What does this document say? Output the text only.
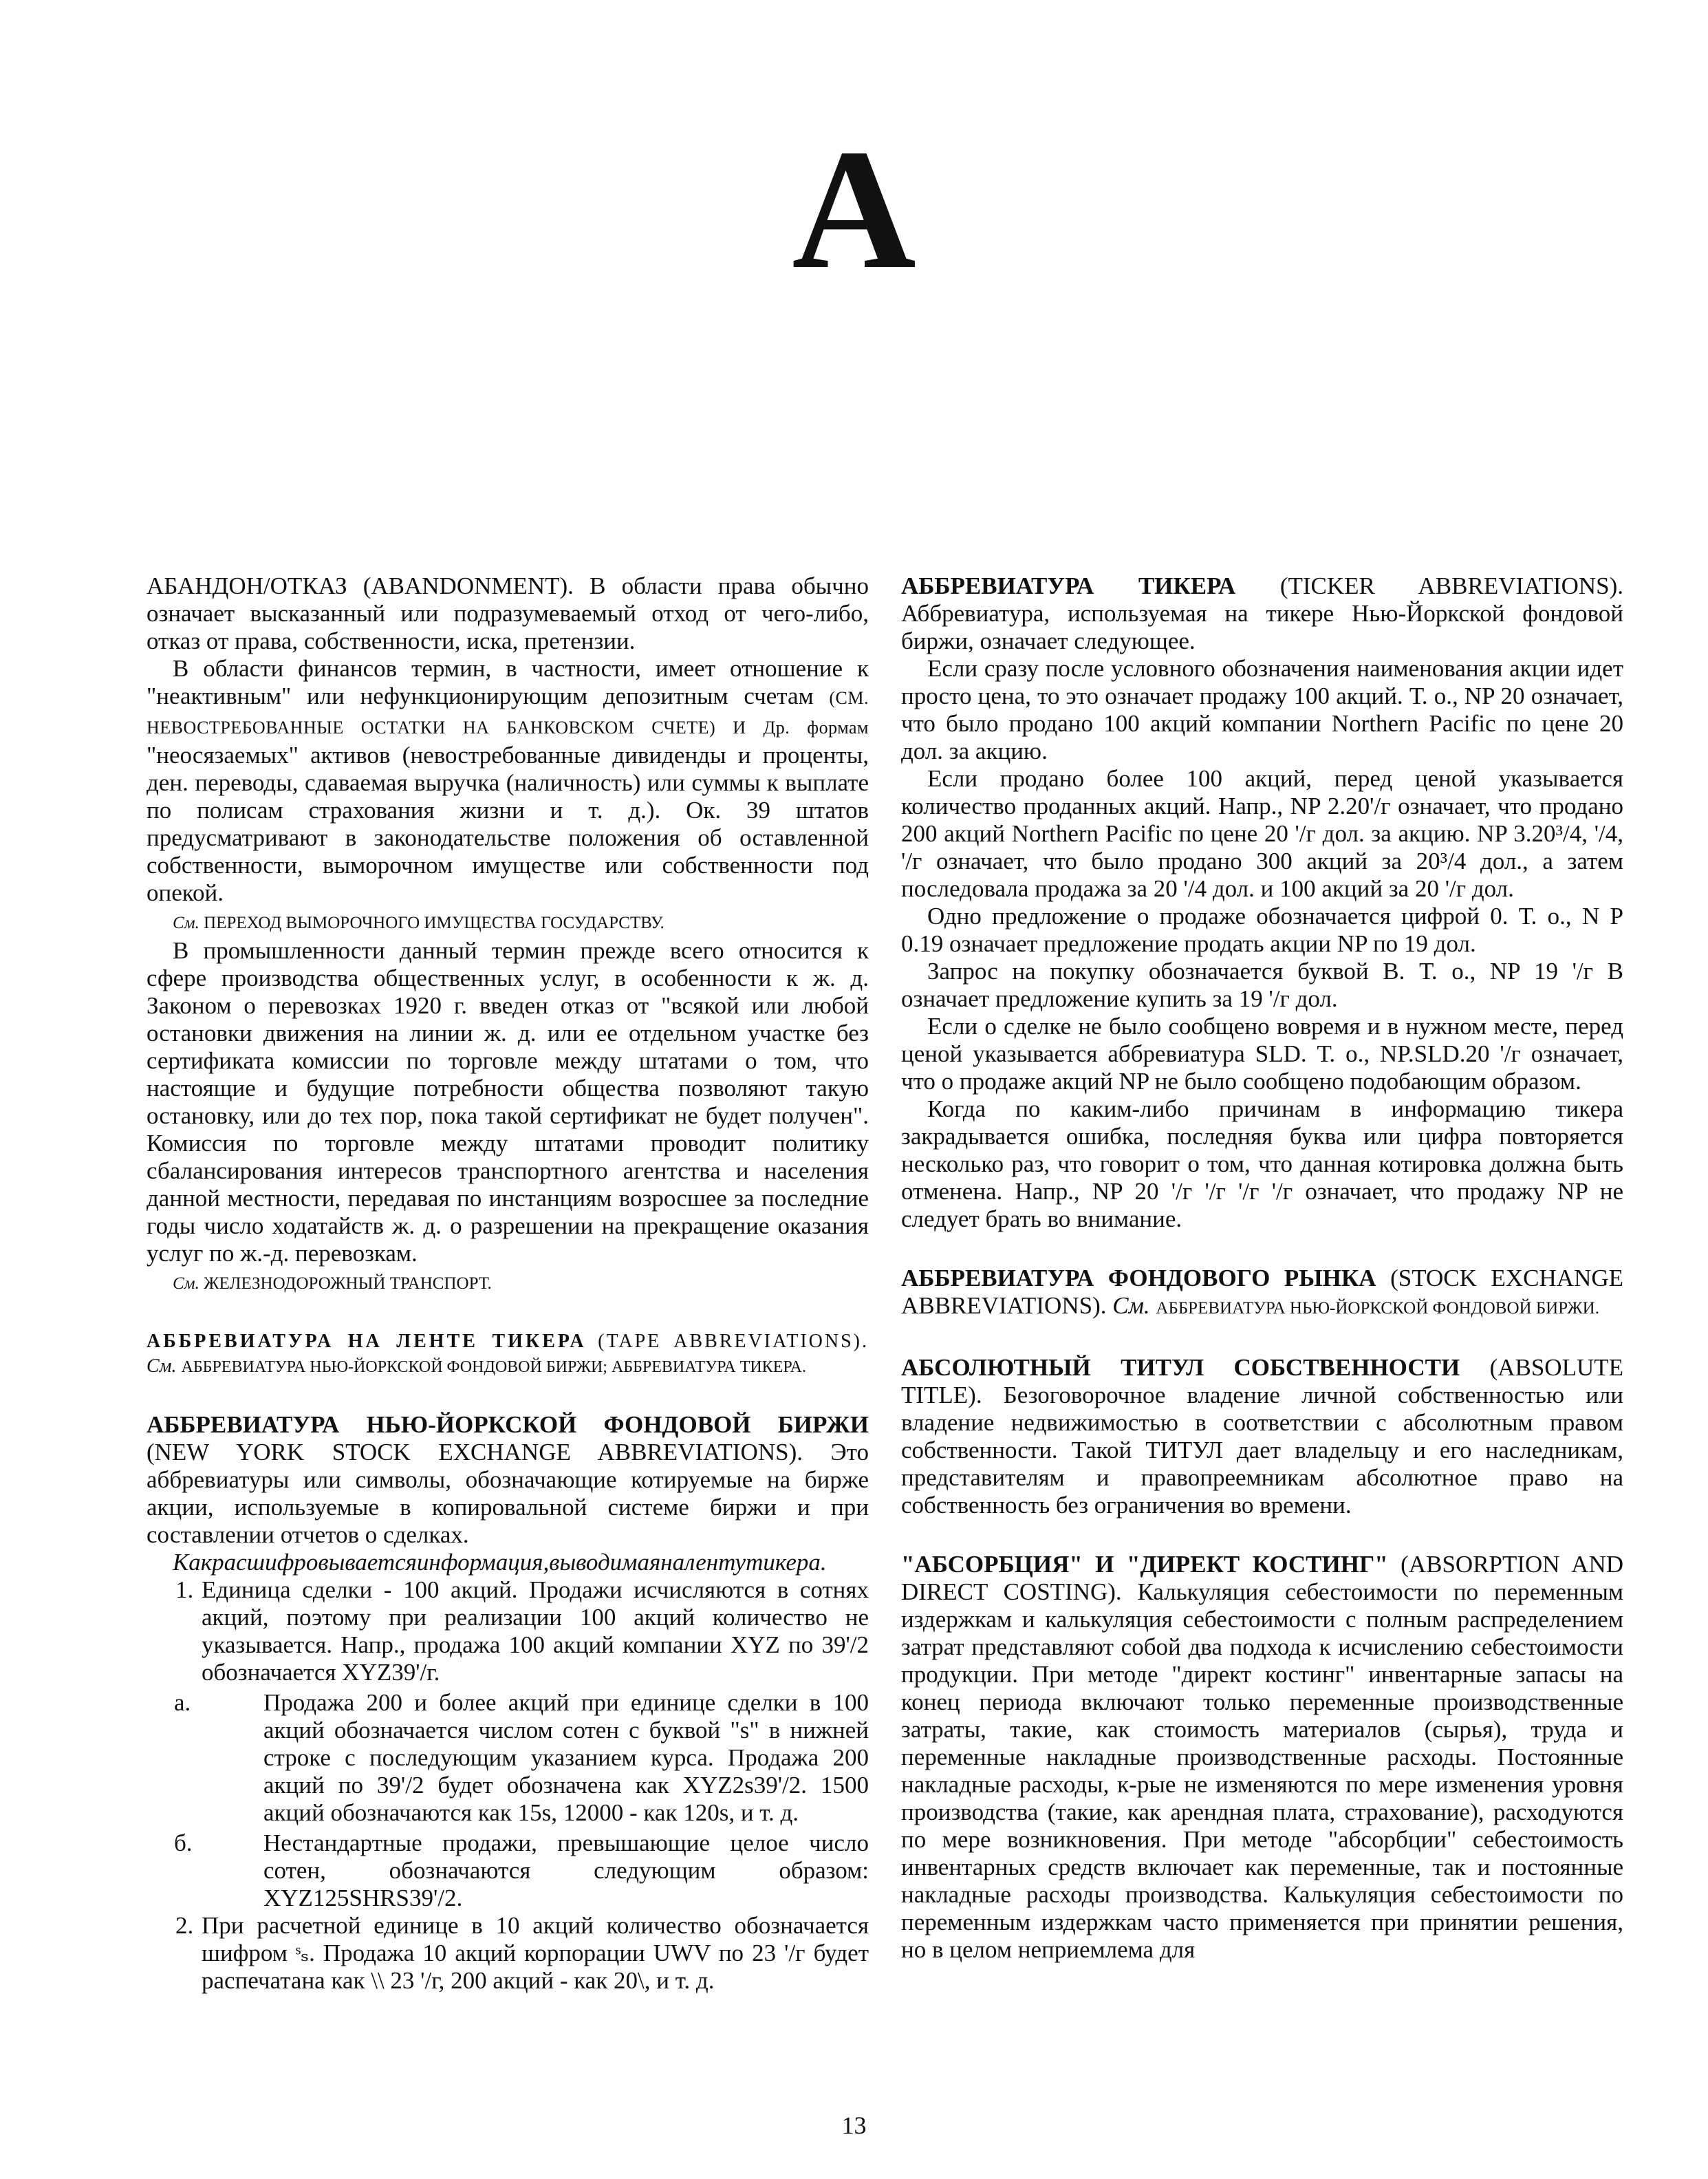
А

АБАНДОН/ОТКАЗ (ABANDONMENT). В области права обычно означает высказанный или подразумеваемый отход от чего-либо, отказ от права, собственности, иска, претензии.

В области финансов термин, в частности, имеет отношение к "неактивным" или нефункционирующим депозитным счетам (СМ. НЕВОСТРЕБОВАННЫЕ ОСТАТКИ НА БАНКОВСКОМ СЧЕТЕ) И Др. формам "неосязаемых" активов (невостребованные дивиденды и проценты, ден. переводы, сдаваемая выручка (наличность) или суммы к выплате по полисам страхования жизни и т. д.). Ок. 39 штатов предусматривают в законодательстве положения об оставленной собственности, выморочном имуществе или собственности под опекой.

См. ПЕРЕХОД ВЫМОРОЧНОГО ИМУЩЕСТВА ГОСУДАРСТВУ.

В промышленности данный термин прежде всего относится к сфере производства общественных услуг, в особенности к ж. д. Законом о перевозках 1920 г. введен отказ от "всякой или любой остановки движения на линии ж. д. или ее отдельном участке без сертификата комиссии по торговле между штатами о том, что настоящие и будущие потребности общества позволяют такую остановку, или до тех пор, пока такой сертификат не будет получен". Комиссия по торговле между штатами проводит политику сбалансирования интересов транспортного агентства и населения данной местности, передавая по инстанциям возросшее за последние годы число ходатайств ж. д. о разрешении на прекращение оказания услуг по ж.-д. перевозкам.

См. ЖЕЛЕЗНОДОРОЖНЫЙ ТРАНСПОРТ.

АББРЕВИАТУРА НА ЛЕНТЕ ТИКЕРА (TAPE ABBREVIATIONS). См. АББРЕВИАТУРА НЬЮ-ЙОРКСКОЙ ФОНДОВОЙ БИРЖИ; АББРЕВИАТУРА ТИКЕРА.

АББРЕВИАТУРА НЬЮ-ЙОРКСКОЙ ФОНДОВОЙ БИРЖИ (NEW YORK STOCK EXCHANGE ABBREVIATIONS). Это аббревиатуры или символы, обозначающие котируемые на бирже акции, используемые в копировальной системе биржи и при составлении отчетов о сделках.

Какрасшифровываетсяинформация,выводимаяналентутикера.

1. Единица сделки - 100 акций. Продажи исчисляются в сотнях акций, поэтому при реализации 100 акций количество не указывается. Напр., продажа 100 акций компании XYZ по 39'/2 обозначается XYZ39'/г.
а.	Продажа 200 и более акций при единице сделки в 100 акций обозначается числом сотен с буквой "s" в нижней строке с последующим указанием курса. Продажа 200 акций по 39'/2 будет обозначена как XYZ2s39'/2. 1500 акций обозначаются как 15s, 12000 - как 120s, и т. д.
б.	Нестандартные продажи, превышающие целое число сотен, обозначаются следующим образом: XYZ125SHRS39'/2.
2. При расчетной единице в 10 акций количество обозначается шифром ˢₛ. Продажа 10 акций корпорации UWV по 23 '/г будет распечатана как \\ 23 '/г, 200 акций - как 20\, и т. д.

АББРЕВИАТУРА ТИКЕРА (TICKER ABBREVIATIONS). Аббревиатура, используемая на тикере Нью-Йоркской фондовой биржи, означает следующее.

Если сразу после условного обозначения наименования акции идет просто цена, то это означает продажу 100 акций. Т. о., NP 20 означает, что было продано 100 акций компании Northern Pacific по цене 20 дол. за акцию.

Если продано более 100 акций, перед ценой указывается количество проданных акций. Напр., NP 2.20'/г означает, что продано 200 акций Northern Pacific по цене 20 '/г дол. за акцию. NP 3.20³/4, '/4, '/г означает, что было продано 300 акций за 20³/4 дол., а затем последовала продажа за 20 '/4 дол. и 100 акций за 20 '/г дол.

Одно предложение о продаже обозначается цифрой 0. Т. о., N P 0.19 означает предложение продать акции NP по 19 дол.

Запрос на покупку обозначается буквой В. Т. о., NP 19 '/г В означает предложение купить за 19 '/г дол.

Если о сделке не было сообщено вовремя и в нужном месте, перед ценой указывается аббревиатура SLD. Т. о., NP.SLD.20 '/г означает, что о продаже акций NP не было сообщено подобающим образом.

Когда по каким-либо причинам в информацию тикера закрадывается ошибка, последняя буква или цифра повторяется несколько раз, что говорит о том, что данная котировка должна быть отменена. Напр., NP 20 '/г '/г '/г '/г означает, что продажу NP не следует брать во внимание.

АББРЕВИАТУРА ФОНДОВОГО РЫНКА (STOCK EXCHANGE ABBREVIATIONS). См. АББРЕВИАТУРА НЬЮ-ЙОРКСКОЙ ФОНДОВОЙ БИРЖИ.

АБСОЛЮТНЫЙ ТИТУЛ СОБСТВЕННОСТИ (ABSOLUTE TITLE). Безоговорочное владение личной собственностью или владение недвижимостью в соответствии с абсолютным правом собственности. Такой ТИТУЛ дает владельцу и его наследникам, представителям и правопреемникам абсолютное право на собственность без ограничения во времени.

"АБСОРБЦИЯ" И "ДИРЕКТ КОСТИНГ" (ABSORPTION AND DIRECT COSTING). Калькуляция себестоимости по переменным издержкам и калькуляция себестоимости с полным распределением затрат представляют собой два подхода к исчислению себестоимости продукции. При методе "директ костинг" инвентарные запасы на конец периода включают только переменные производственные затраты, такие, как стоимость материалов (сырья), труда и переменные накладные производственные расходы. Постоянные накладные расходы, к-рые не изменяются по мере изменения уровня производства (такие, как арендная плата, страхование), расходуются по мере возникновения. При методе "абсорбции" себестоимость инвентарных средств включает как переменные, так и постоянные накладные расходы производства. Калькуляция себестоимости по переменным издержкам часто применяется при принятии решения, но в целом неприемлема для

13
